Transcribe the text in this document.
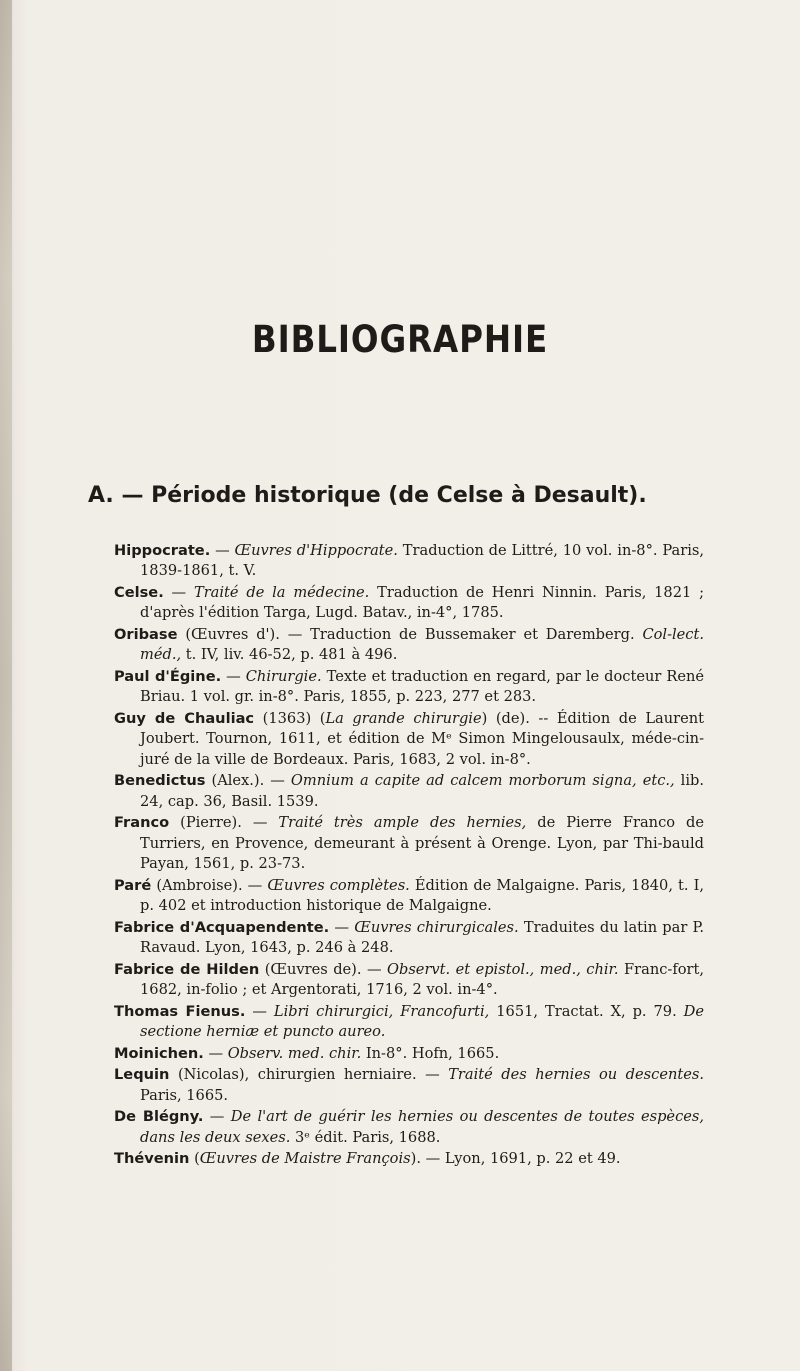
BIBLIOGRAPHIE
A. — Période historique (de Celse à Desault).

Hippocrate. — Œuvres d'Hippocrate. Traduction de Littré, 10 vol. in-8°. Paris, 1839-1861, t. V.

Celse. — Traité de la médecine. Traduction de Henri Ninnin. Paris, 1821 ; d'après l'édition Targa, Lugd. Batav., in-4°, 1785.

Oribase (Œuvres d'). — Traduction de Bussemaker et Daremberg. Col-lect. méd., t. IV, liv. 46-52, p. 481 à 496.

Paul d'Égine. — Chirurgie. Texte et traduction en regard, par le docteur René Briau. 1 vol. gr. in-8°. Paris, 1855, p. 223, 277 et 283.

Guy de Chauliac (1363) (La grande chirurgie) (de). -- Édition de Laurent Joubert. Tournon, 1611, et édition de Mᵉ Simon Mingelousaulx, méde-cin-juré de la ville de Bordeaux. Paris, 1683, 2 vol. in-8°.

Benedictus (Alex.). — Omnium a capite ad calcem morborum signa, etc., lib. 24, cap. 36, Basil. 1539.

Franco (Pierre). — Traité très ample des hernies, de Pierre Franco de Turriers, en Provence, demeurant à présent à Orenge. Lyon, par Thi-bauld Payan, 1561, p. 23-73.

Paré (Ambroise). — Œuvres complètes. Édition de Malgaigne. Paris, 1840, t. I, p. 402 et introduction historique de Malgaigne.

Fabrice d'Acquapendente. — Œuvres chirurgicales. Traduites du latin par P. Ravaud. Lyon, 1643, p. 246 à 248.

Fabrice de Hilden (Œuvres de). — Observt. et epistol., med., chir. Franc-fort, 1682, in-folio ; et Argentorati, 1716, 2 vol. in-4°.

Thomas Fienus. — Libri chirurgici, Francofurti, 1651, Tractat. X, p. 79. De sectione herniæ et puncto aureo.

Moinichen. — Observ. med. chir. In-8°. Hofn, 1665.

Lequin (Nicolas), chirurgien herniaire. — Traité des hernies ou descentes. Paris, 1665.

De Blégny. — De l'art de guérir les hernies ou descentes de toutes espèces, dans les deux sexes. 3ᵉ édit. Paris, 1688.

Thévenin (Œuvres de Maistre François). — Lyon, 1691, p. 22 et 49.
